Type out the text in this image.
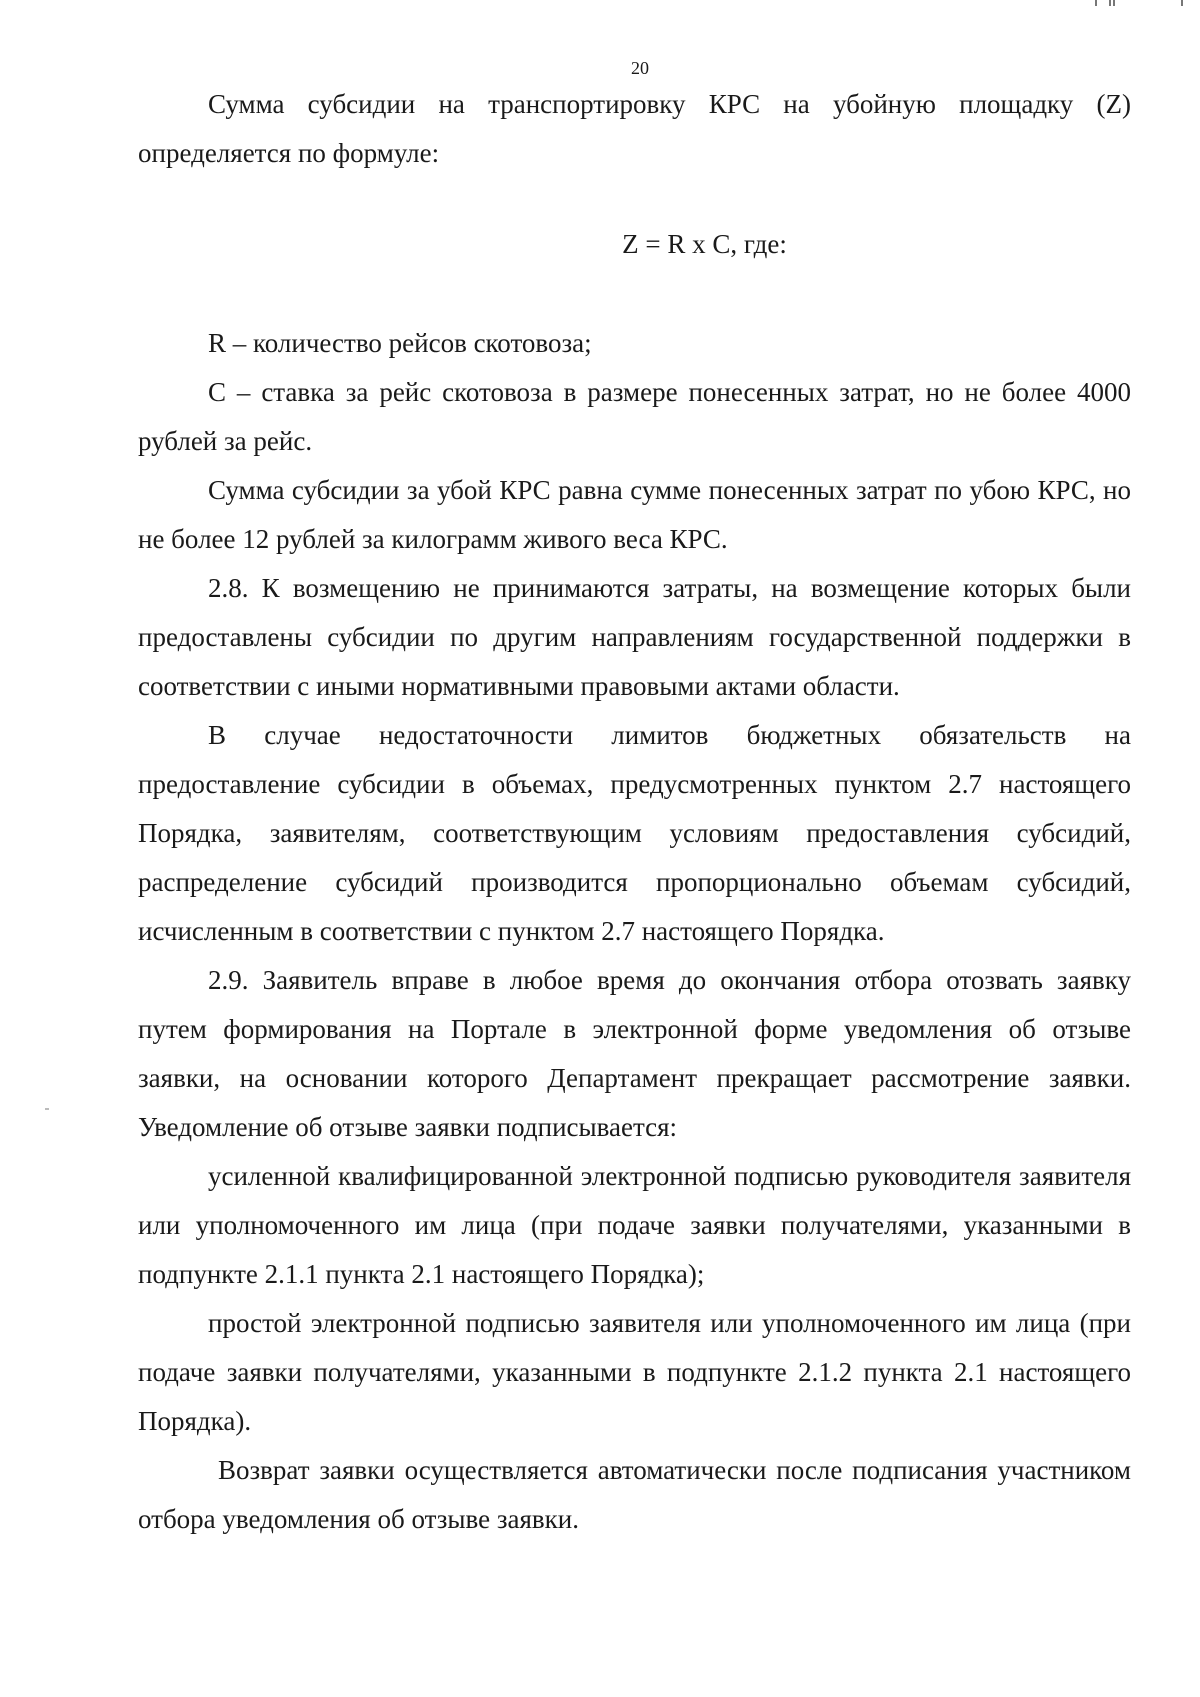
20

Сумма субсидии на транспортировку КРС на убойную площадку (Z) определяется по формуле:

Z = R x C, где:

R – количество рейсов скотовоза;

С – ставка за рейс скотовоза в размере понесенных затрат, но не более 4000 рублей за рейс.

Сумма субсидии за убой КРС равна сумме понесенных затрат по убою КРС, но не более 12 рублей за килограмм живого веса КРС.

2.8. К возмещению не принимаются затраты, на возмещение которых были предоставлены субсидии по другим направлениям государственной поддержки в соответствии с иными нормативными правовыми актами области.

В случае недостаточности лимитов бюджетных обязательств на предоставление субсидии в объемах, предусмотренных пунктом 2.7 настоящего Порядка, заявителям, соответствующим условиям предоставления субсидий, распределение субсидий производится пропорционально объемам субсидий, исчисленным в соответствии с пунктом 2.7 настоящего Порядка.

2.9. Заявитель вправе в любое время до окончания отбора отозвать заявку путем формирования на Портале в электронной форме уведомления об отзыве заявки, на основании которого Департамент прекращает рассмотрение заявки. Уведомление об отзыве заявки подписывается:

усиленной квалифицированной электронной подписью руководителя заявителя или уполномоченного им лица (при подаче заявки получателями, указанными в подпункте 2.1.1 пункта 2.1 настоящего Порядка);

простой электронной подписью заявителя или уполномоченного им лица (при подаче заявки получателями, указанными в подпункте 2.1.2 пункта 2.1 настоящего Порядка).

Возврат заявки осуществляется автоматически после подписания участником отбора уведомления об отзыве заявки.
